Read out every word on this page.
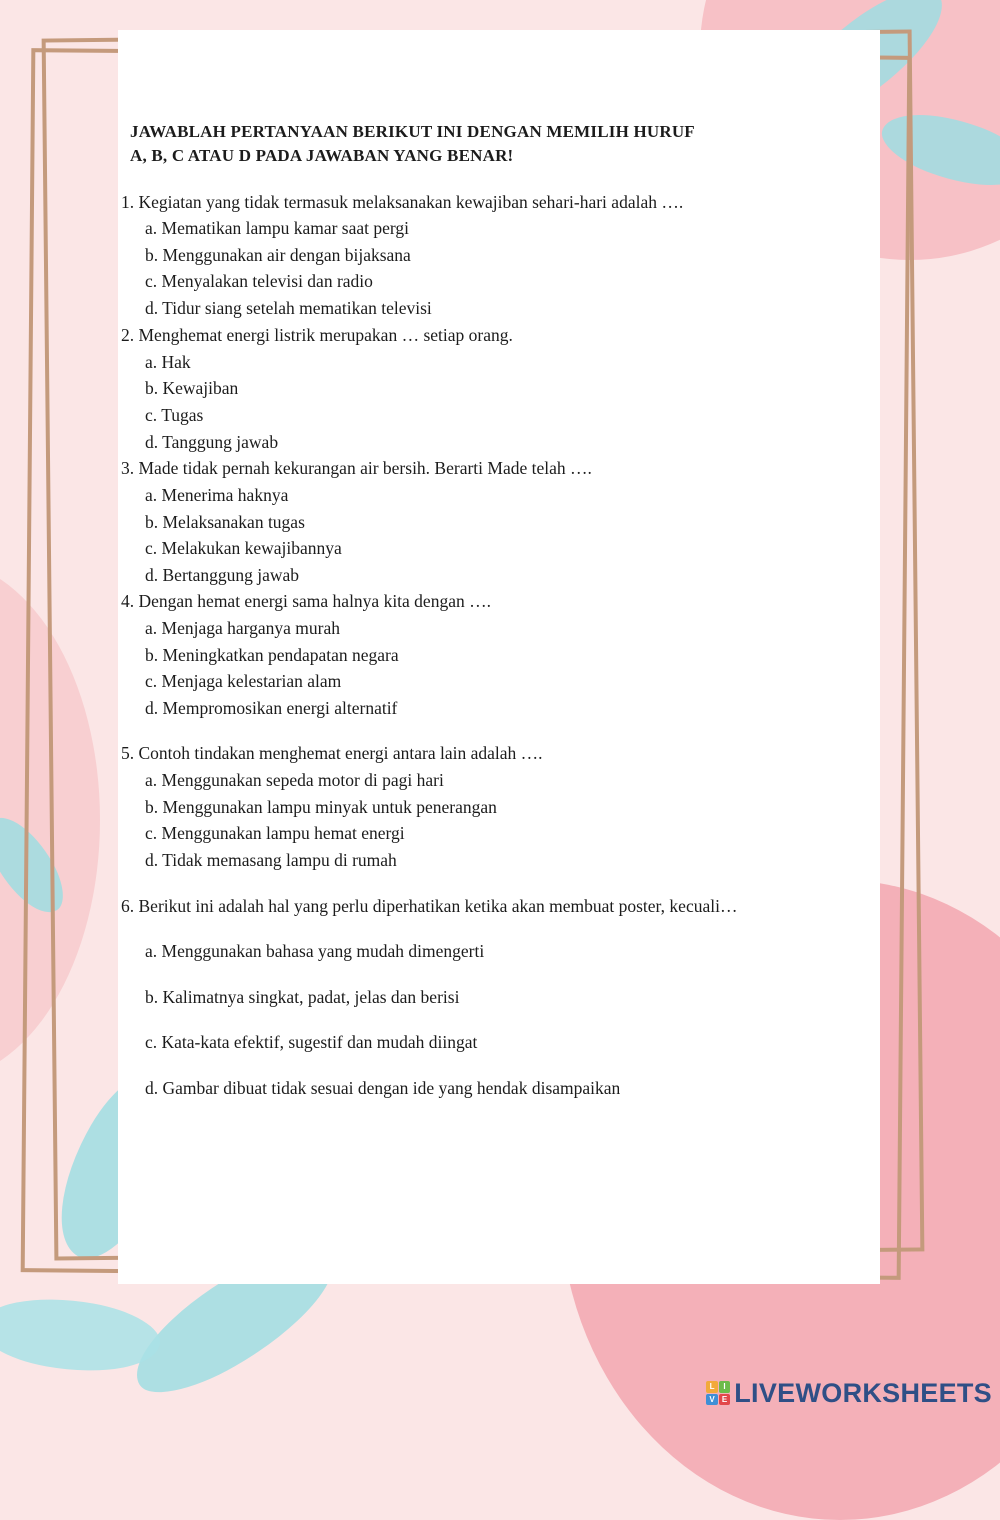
JAWABLAH PERTANYAAN BERIKUT INI DENGAN MEMILIH HURUF
A, B, C ATAU D PADA JAWABAN YANG BENAR!
1. Kegiatan yang tidak termasuk melaksanakan kewajiban sehari-hari adalah ….
a. Mematikan lampu kamar saat pergi
b. Menggunakan air dengan bijaksana
c. Menyalakan televisi dan radio
d. Tidur siang setelah mematikan televisi
2. Menghemat energi listrik merupakan … setiap orang.
a. Hak
b. Kewajiban
c. Tugas
d. Tanggung jawab
3. Made tidak pernah kekurangan air bersih. Berarti Made telah ….
a. Menerima haknya
b. Melaksanakan tugas
c. Melakukan kewajibannya
d. Bertanggung jawab
4. Dengan hemat energi sama halnya kita dengan ….
a. Menjaga harganya murah
b. Meningkatkan pendapatan negara
c. Menjaga kelestarian alam
d. Mempromosikan energi alternatif
5. Contoh tindakan menghemat energi antara lain adalah ….
a. Menggunakan sepeda motor di pagi hari
b. Menggunakan lampu minyak untuk penerangan
c. Menggunakan lampu hemat energi
d. Tidak memasang lampu di rumah
6. Berikut ini adalah hal yang perlu diperhatikan ketika akan membuat poster, kecuali…
a. Menggunakan bahasa yang mudah dimengerti
b. Kalimatnya singkat, padat, jelas dan berisi
c. Kata-kata efektif, sugestif dan mudah diingat
d. Gambar dibuat tidak sesuai dengan ide yang hendak disampaikan
L	I
V E LIVEWORKSHEETS
